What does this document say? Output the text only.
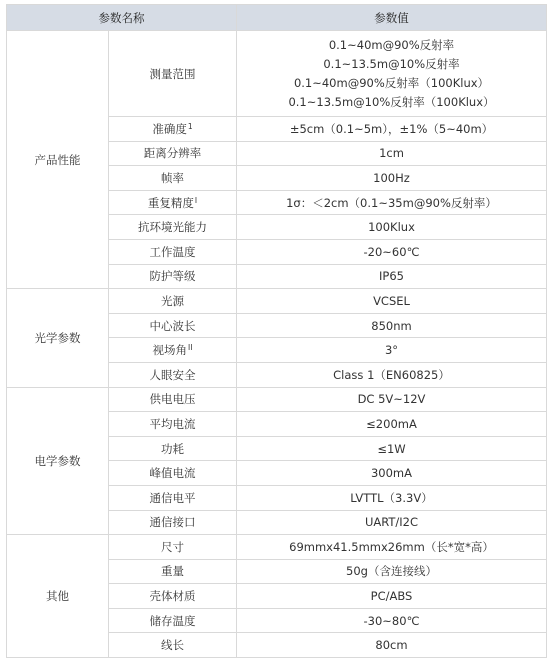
参数名称		参数值
产品性能	测量范围	0.1~40m@90%反射率
0.1~13.5m@10%反射率
0.1~40m@90%反射率（100Klux）
0.1~13.5m@10%反射率（100Klux）

	准确度$^1$	±5cm（0.1~5m），±1%（5~40m）
	距离分辨率	1cm
	帧率	100Hz
	重复精度$^I$	1σ：＜2cm（0.1~35m@90%反射率）
	抗环境光能力	100Klux
	工作温度	-20~60℃
	防护等级	IP65
光学参数	光源	VCSEL
	中心波长	850nm
	视场角$^{II}$	3°
	人眼安全	Class 1（EN60825）
电学参数	供电电压	DC 5V~12V
	平均电流	≤200mA
	功耗	≤1W
	峰值电流	300mA
	通信电平	LVTTL（3.3V）
	通信接口	UART/I2C
其他	尺寸	69mmx41.5mmx26mm（长*宽*高）
	重量	50g（含连接线）
	壳体材质	PC/ABS
	储存温度	-30~80℃
	线长	80cm
